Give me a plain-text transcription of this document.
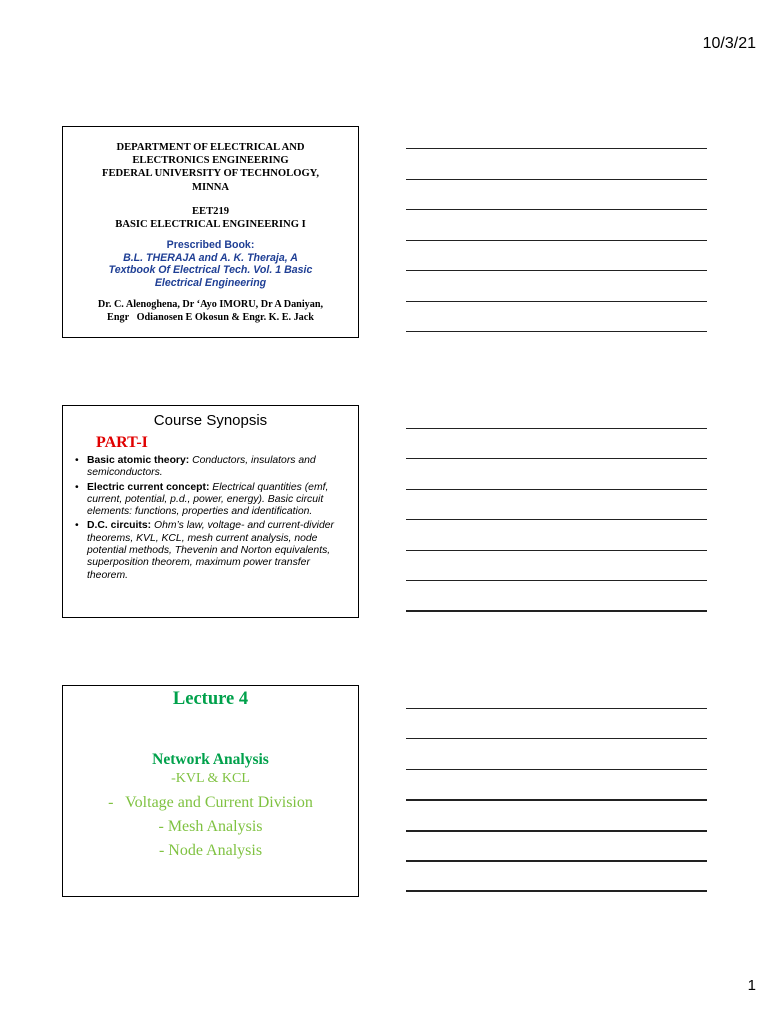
10/3/21
DEPARTMENT OF ELECTRICAL AND
ELECTRONICS ENGINEERING
FEDERAL UNIVERSITY OF TECHNOLOGY,
MINNA
EET219
BASIC ELECTRICAL ENGINEERING I
Prescribed Book:
B.L. THERAJA and A. K. Theraja, A
Textbook Of Electrical Tech. Vol. 1 Basic
Electrical Engineering
Dr. C. Alenoghena, Dr ‘Ayo IMORU, Dr A Daniyan,
Engr   Odianosen E Okosun & Engr. K. E. Jack
Course Synopsis
PART-I
• Basic atomic theory: Conductors, insulators and semiconductors.
• Electric current concept: Electrical quantities (emf, current, potential, p.d., power, energy). Basic circuit elements: functions, properties and identification.
• D.C. circuits: Ohm’s law, voltage- and current-divider theorems, KVL, KCL, mesh current analysis, node potential methods, Thevenin and Norton equivalents, superposition theorem, maximum power transfer theorem.
Lecture 4
Network Analysis
-KVL & KCL
-   Voltage and Current Division
- Mesh Analysis
- Node Analysis
1
